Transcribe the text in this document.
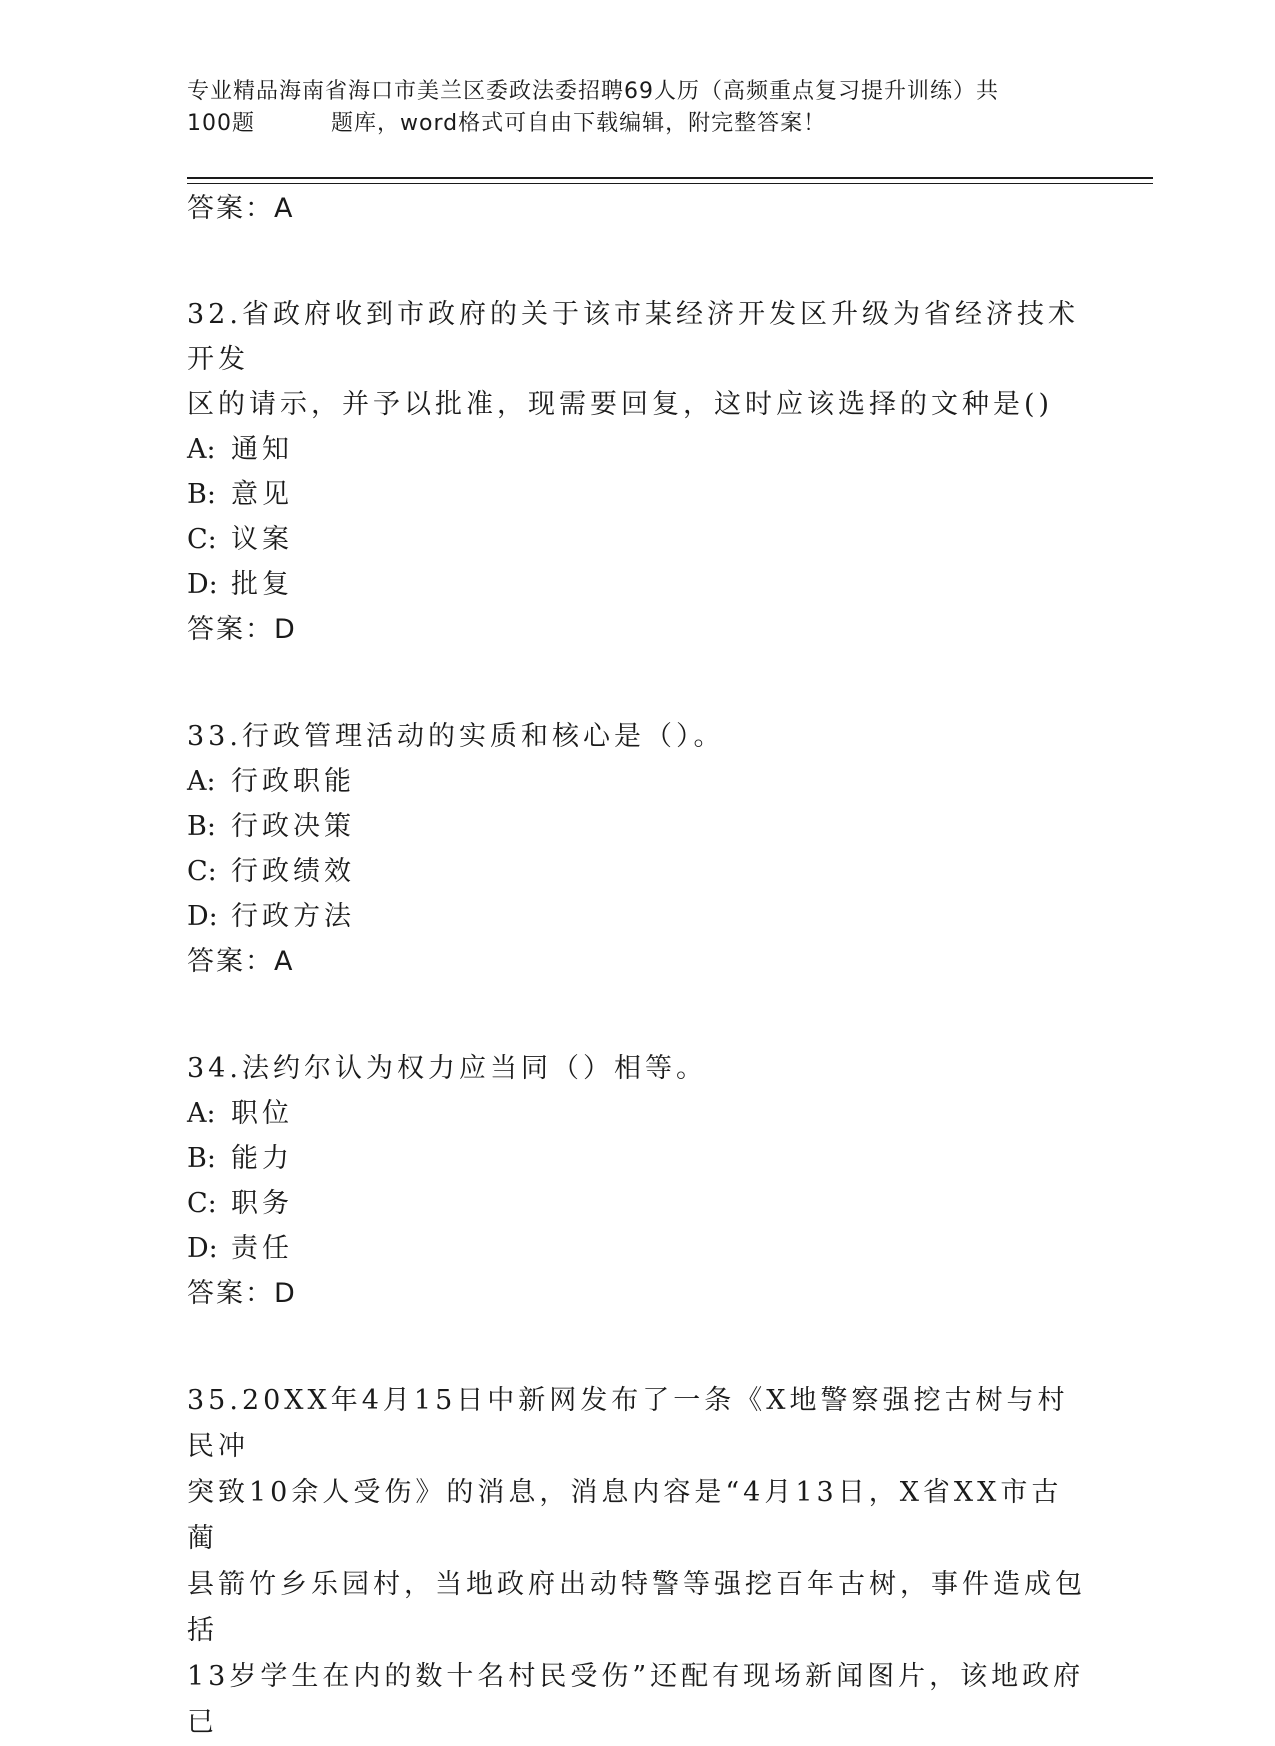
专业精品海南省海口市美兰区委政法委招聘69人历（高频重点复习提升训练）共
100题	题库，word格式可自由下载编辑，附完整答案！
答案：A
32.省政府收到市政府的关于该市某经济开发区升级为省经济技术开发
区的请示，并予以批准，现需要回复，这时应该选择的文种是()
A: 通知
B: 意见
C: 议案
D: 批复
答案：D
33.行政管理活动的实质和核心是（）。
A: 行政职能
B: 行政决策
C: 行政绩效
D: 行政方法
答案：A
34.法约尔认为权力应当同（）相等。
A: 职位
B: 能力
C: 职务
D: 责任
答案：D
35.20XX年4月15日中新网发布了一条《X地警察强挖古树与村民冲
突致10余人受伤》的消息，消息内容是“4月13日，X省XX市古蔺
县箭竹乡乐园村，当地政府出动特警等强挖百年古树，事件造成包括
13岁学生在内的数十名村民受伤”还配有现场新闻图片，该地政府已
